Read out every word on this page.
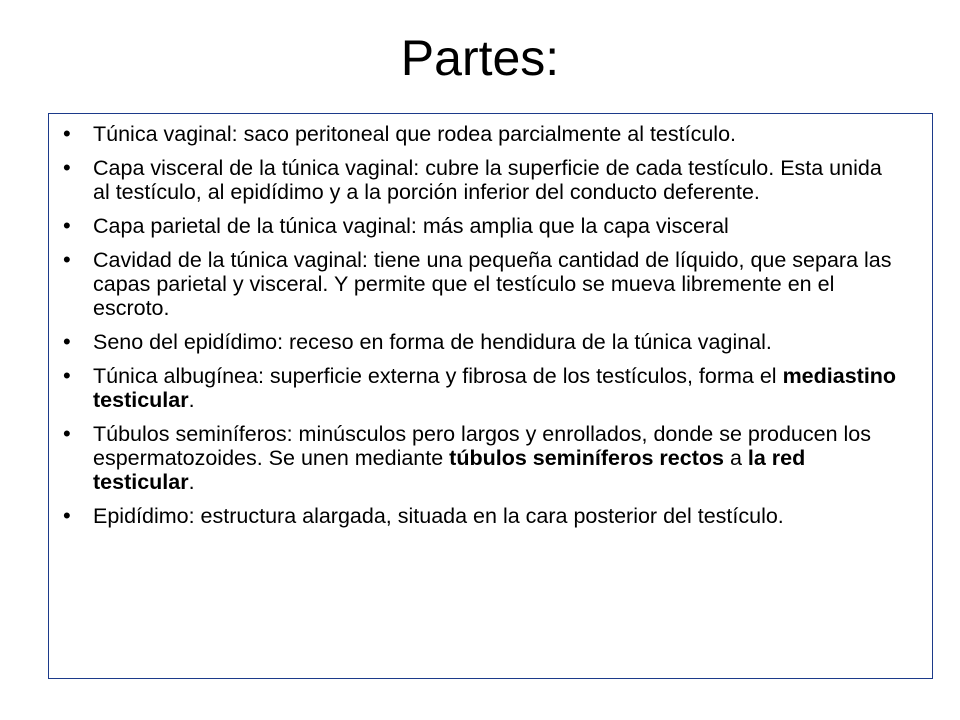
Partes:
• Túnica vaginal: saco peritoneal que rodea parcialmente al testículo.
• Capa visceral de la túnica vaginal: cubre la superficie de cada testículo. Esta unida al testículo, al epidídimo y a la porción inferior del conducto deferente.
• Capa parietal de la túnica vaginal: más amplia que la capa visceral
• Cavidad de la túnica vaginal: tiene una pequeña cantidad de líquido, que separa las capas parietal y visceral. Y permite que el testículo se mueva libremente en el escroto.
• Seno del epidídimo: receso en forma de hendidura de la túnica vaginal.
• Túnica albugínea: superficie externa y fibrosa de los testículos, forma el mediastino testicular.
• Túbulos seminíferos: minúsculos pero largos y enrollados, donde se producen los espermatozoides. Se unen mediante túbulos seminíferos rectos a la red testicular.
• Epidídimo: estructura alargada, situada en la cara posterior del testículo.
